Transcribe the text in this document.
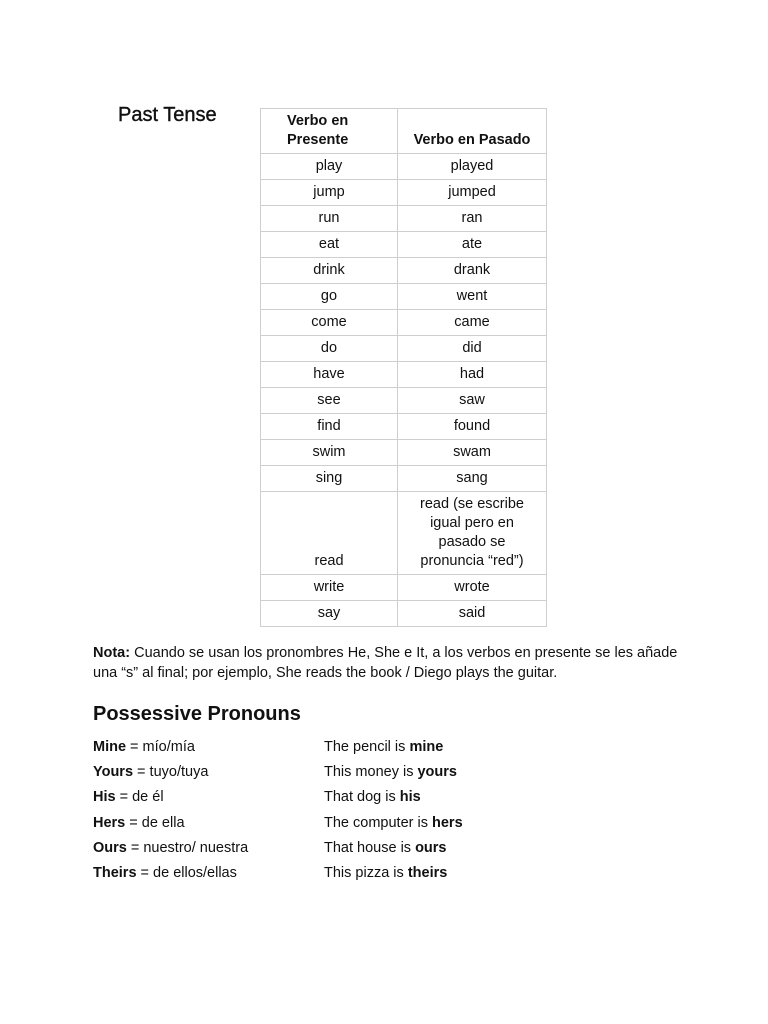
Past Tense	Verbo en Presente	Verbo en Pasado
play	played
jump	jumped
run	ran
eat	ate
drink	drank
go	went
come	came
do	did
have	had
see	saw
find	found
swim	swam
sing	sang
read	read (se escribe igual pero en pasado se pronuncia “red”)
write	wrote
say	said

Nota: Cuando se usan los pronombres He, She e It, a los verbos en presente se les añade una “s” al final; por ejemplo, She reads the book / Diego plays the guitar.

Possessive Pronouns
Mine = mío/mía	The pencil is mine
Yours = tuyo/tuya	This money is yours
His = de él	That dog is his
Hers = de ella	The computer is hers
Ours = nuestro/ nuestra	That house is ours
Theirs = de ellos/ellas	This pizza is theirs
